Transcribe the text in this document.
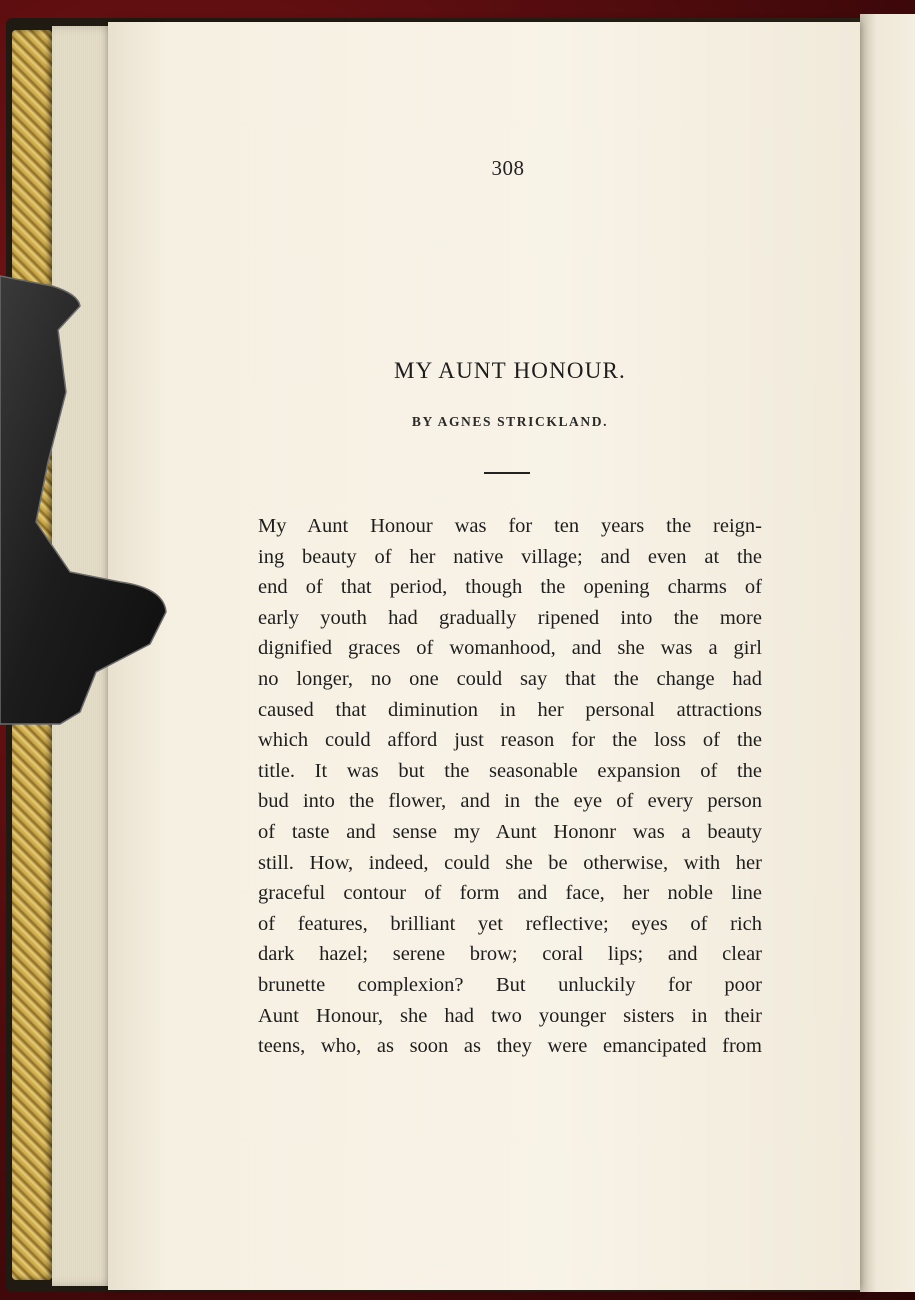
308
MY AUNT HONOUR.
BY AGNES STRICKLAND.
My Aunt Honour was for ten years the reign-
ing beauty of her native village; and even at the
end of that period, though the opening charms of
early youth had gradually ripened into the more
dignified graces of womanhood, and she was a girl
no longer, no one could say that the change had
caused that diminution in her personal attractions
which could afford just reason for the loss of the
title. It was but the seasonable expansion of the
bud into the flower, and in the eye of every person
of taste and sense my Aunt Hononr was a beauty
still. How, indeed, could she be otherwise, with her
graceful contour of form and face, her noble line
of features, brilliant yet reflective; eyes of rich
dark hazel; serene brow; coral lips; and clear
brunette complexion? But unluckily for poor
Aunt Honour, she had two younger sisters in their
teens, who, as soon as they were emancipated from
